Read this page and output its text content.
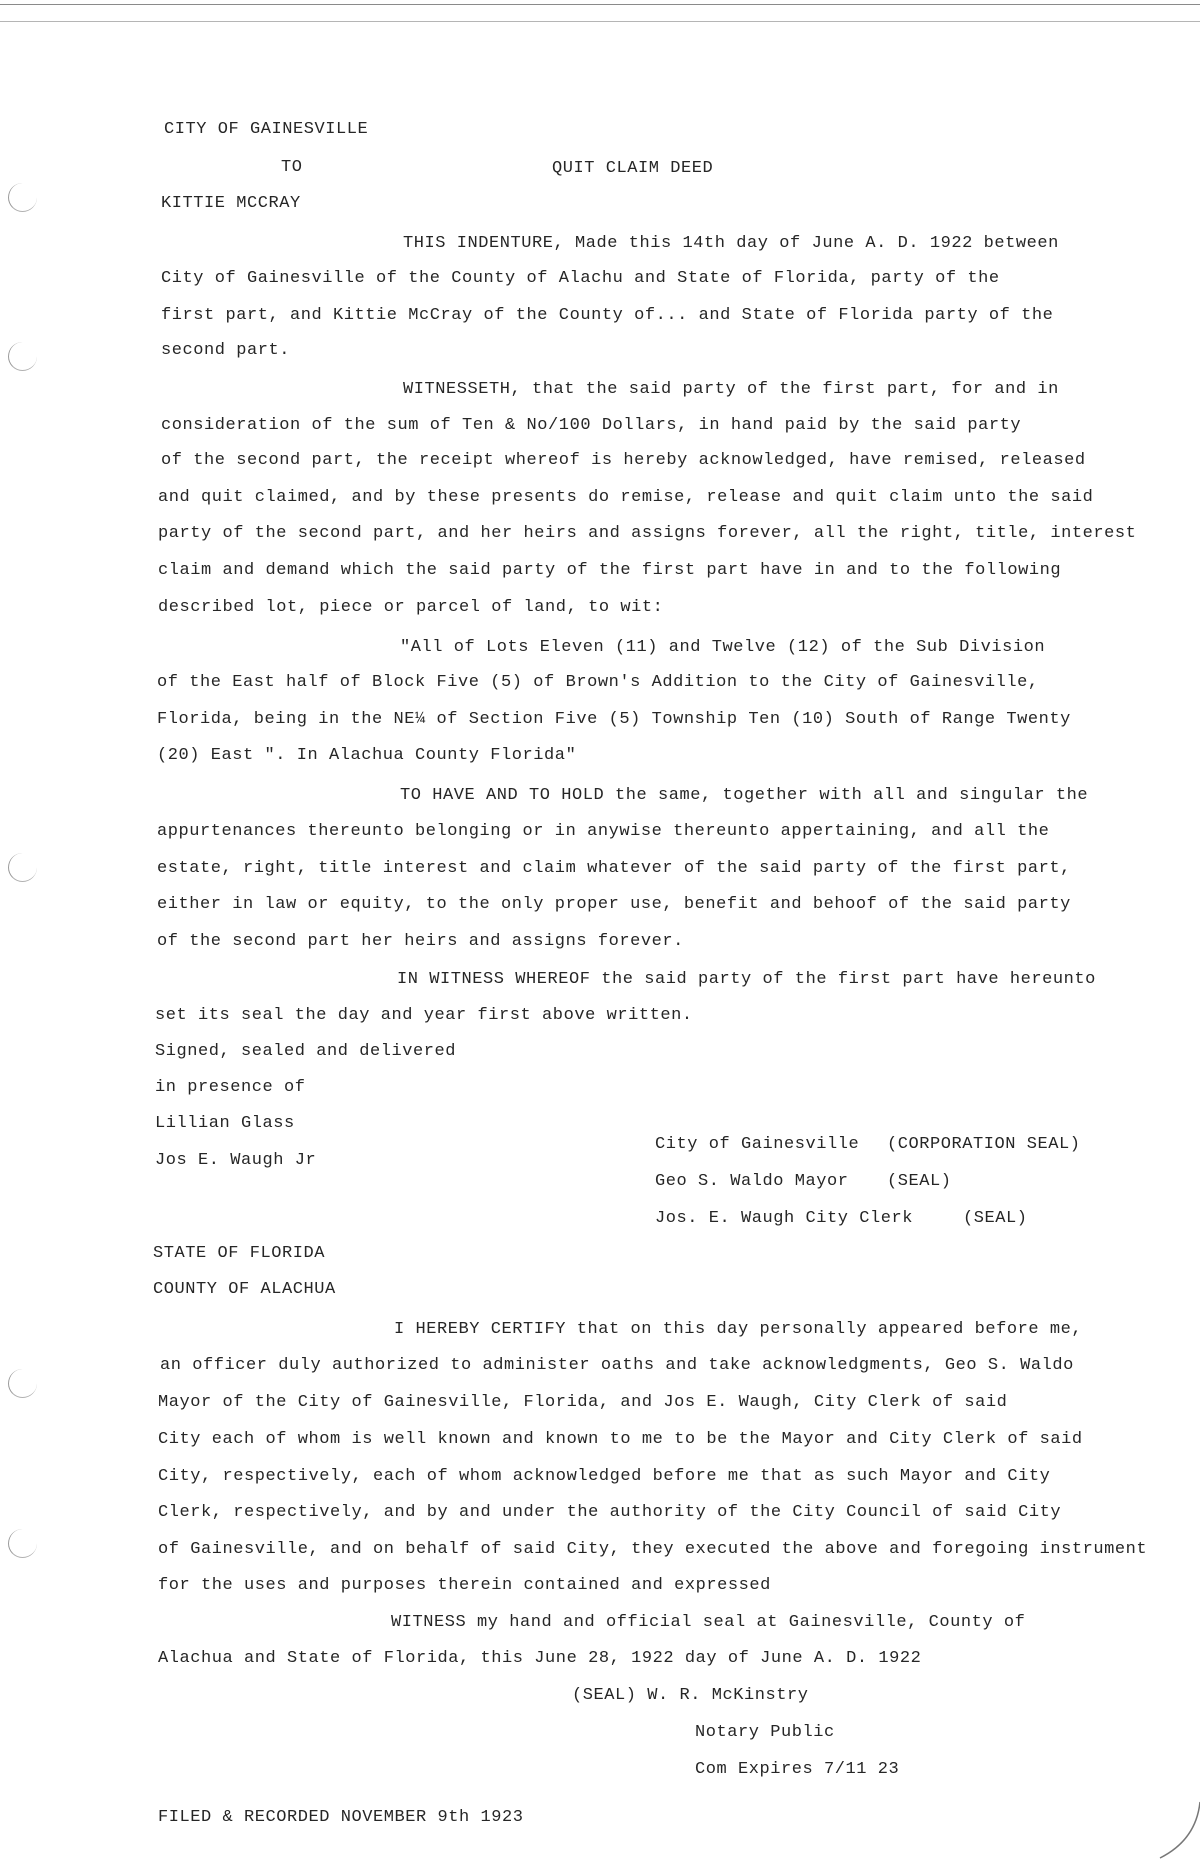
CITY OF GAINESVILLE
TO	QUIT CLAIM DEED
KITTIE MCCRAY
THIS INDENTURE, Made this 14th day of June A. D. 1922 between
City of Gainesville of the County of Alachu and State of Florida, party of the
first part, and Kittie McCray of the County of... and State of Florida party of the
second part.
WITNESSETH, that the said party of the first part, for and in
consideration of the sum of Ten & No/100 Dollars, in hand paid by the said party
of the second part, the receipt whereof is hereby acknowledged, have remised, released
and quit claimed, and by these presents do remise, release and quit claim unto the said
party of the second part, and her heirs and assigns forever, all the right, title, interest
claim and demand which the said party of the first part have in and to the following
described lot, piece or parcel of land, to wit:
"All of Lots Eleven (11) and Twelve (12) of the Sub Division
of the East half of Block Five (5) of Brown's Addition to the City of Gainesville,
Florida, being in the NE¼ of Section Five (5) Township Ten (10) South of Range Twenty
(20) East ". In Alachua County Florida"
TO HAVE AND TO HOLD the same, together with all and singular the
appurtenances thereunto belonging or in anywise thereunto appertaining, and all the
estate, right, title interest and claim whatever of the said party of the first part,
either in law or equity, to the only proper use, benefit and behoof of the said party
of the second part her heirs and assigns forever.
IN WITNESS WHEREOF the said party of the first part have hereunto
set its seal the day and year first above written.
Signed, sealed and delivered
in presence of
Lillian Glass
Jos E. Waugh Jr
City of Gainesville (CORPORATION SEAL)
Geo S. Waldo Mayor (SEAL)
Jos. E. Waugh City Clerk	(SEAL)
STATE OF FLORIDA
COUNTY OF ALACHUA
I HEREBY CERTIFY that on this day personally appeared before me,
an officer duly authorized to administer oaths and take acknowledgments, Geo S. Waldo
Mayor of the City of Gainesville, Florida, and Jos E. Waugh, City Clerk of said
City each of whom is well known and known to me to be the Mayor and City Clerk of said
City, respectively, each of whom acknowledged before me that as such Mayor and City
Clerk, respectively, and by and under the authority of the City Council of said City
of Gainesville, and on behalf of said City, they executed the above and foregoing instrument
for the uses and purposes therein contained and expressed
WITNESS my hand and official seal at Gainesville, County of
Alachua and State of Florida, this June 28, 1922 day of June A. D. 1922
(SEAL) W. R. McKinstry
Notary Public
Com Expires 7/11 23
FILED & RECORDED NOVEMBER 9th 1923
